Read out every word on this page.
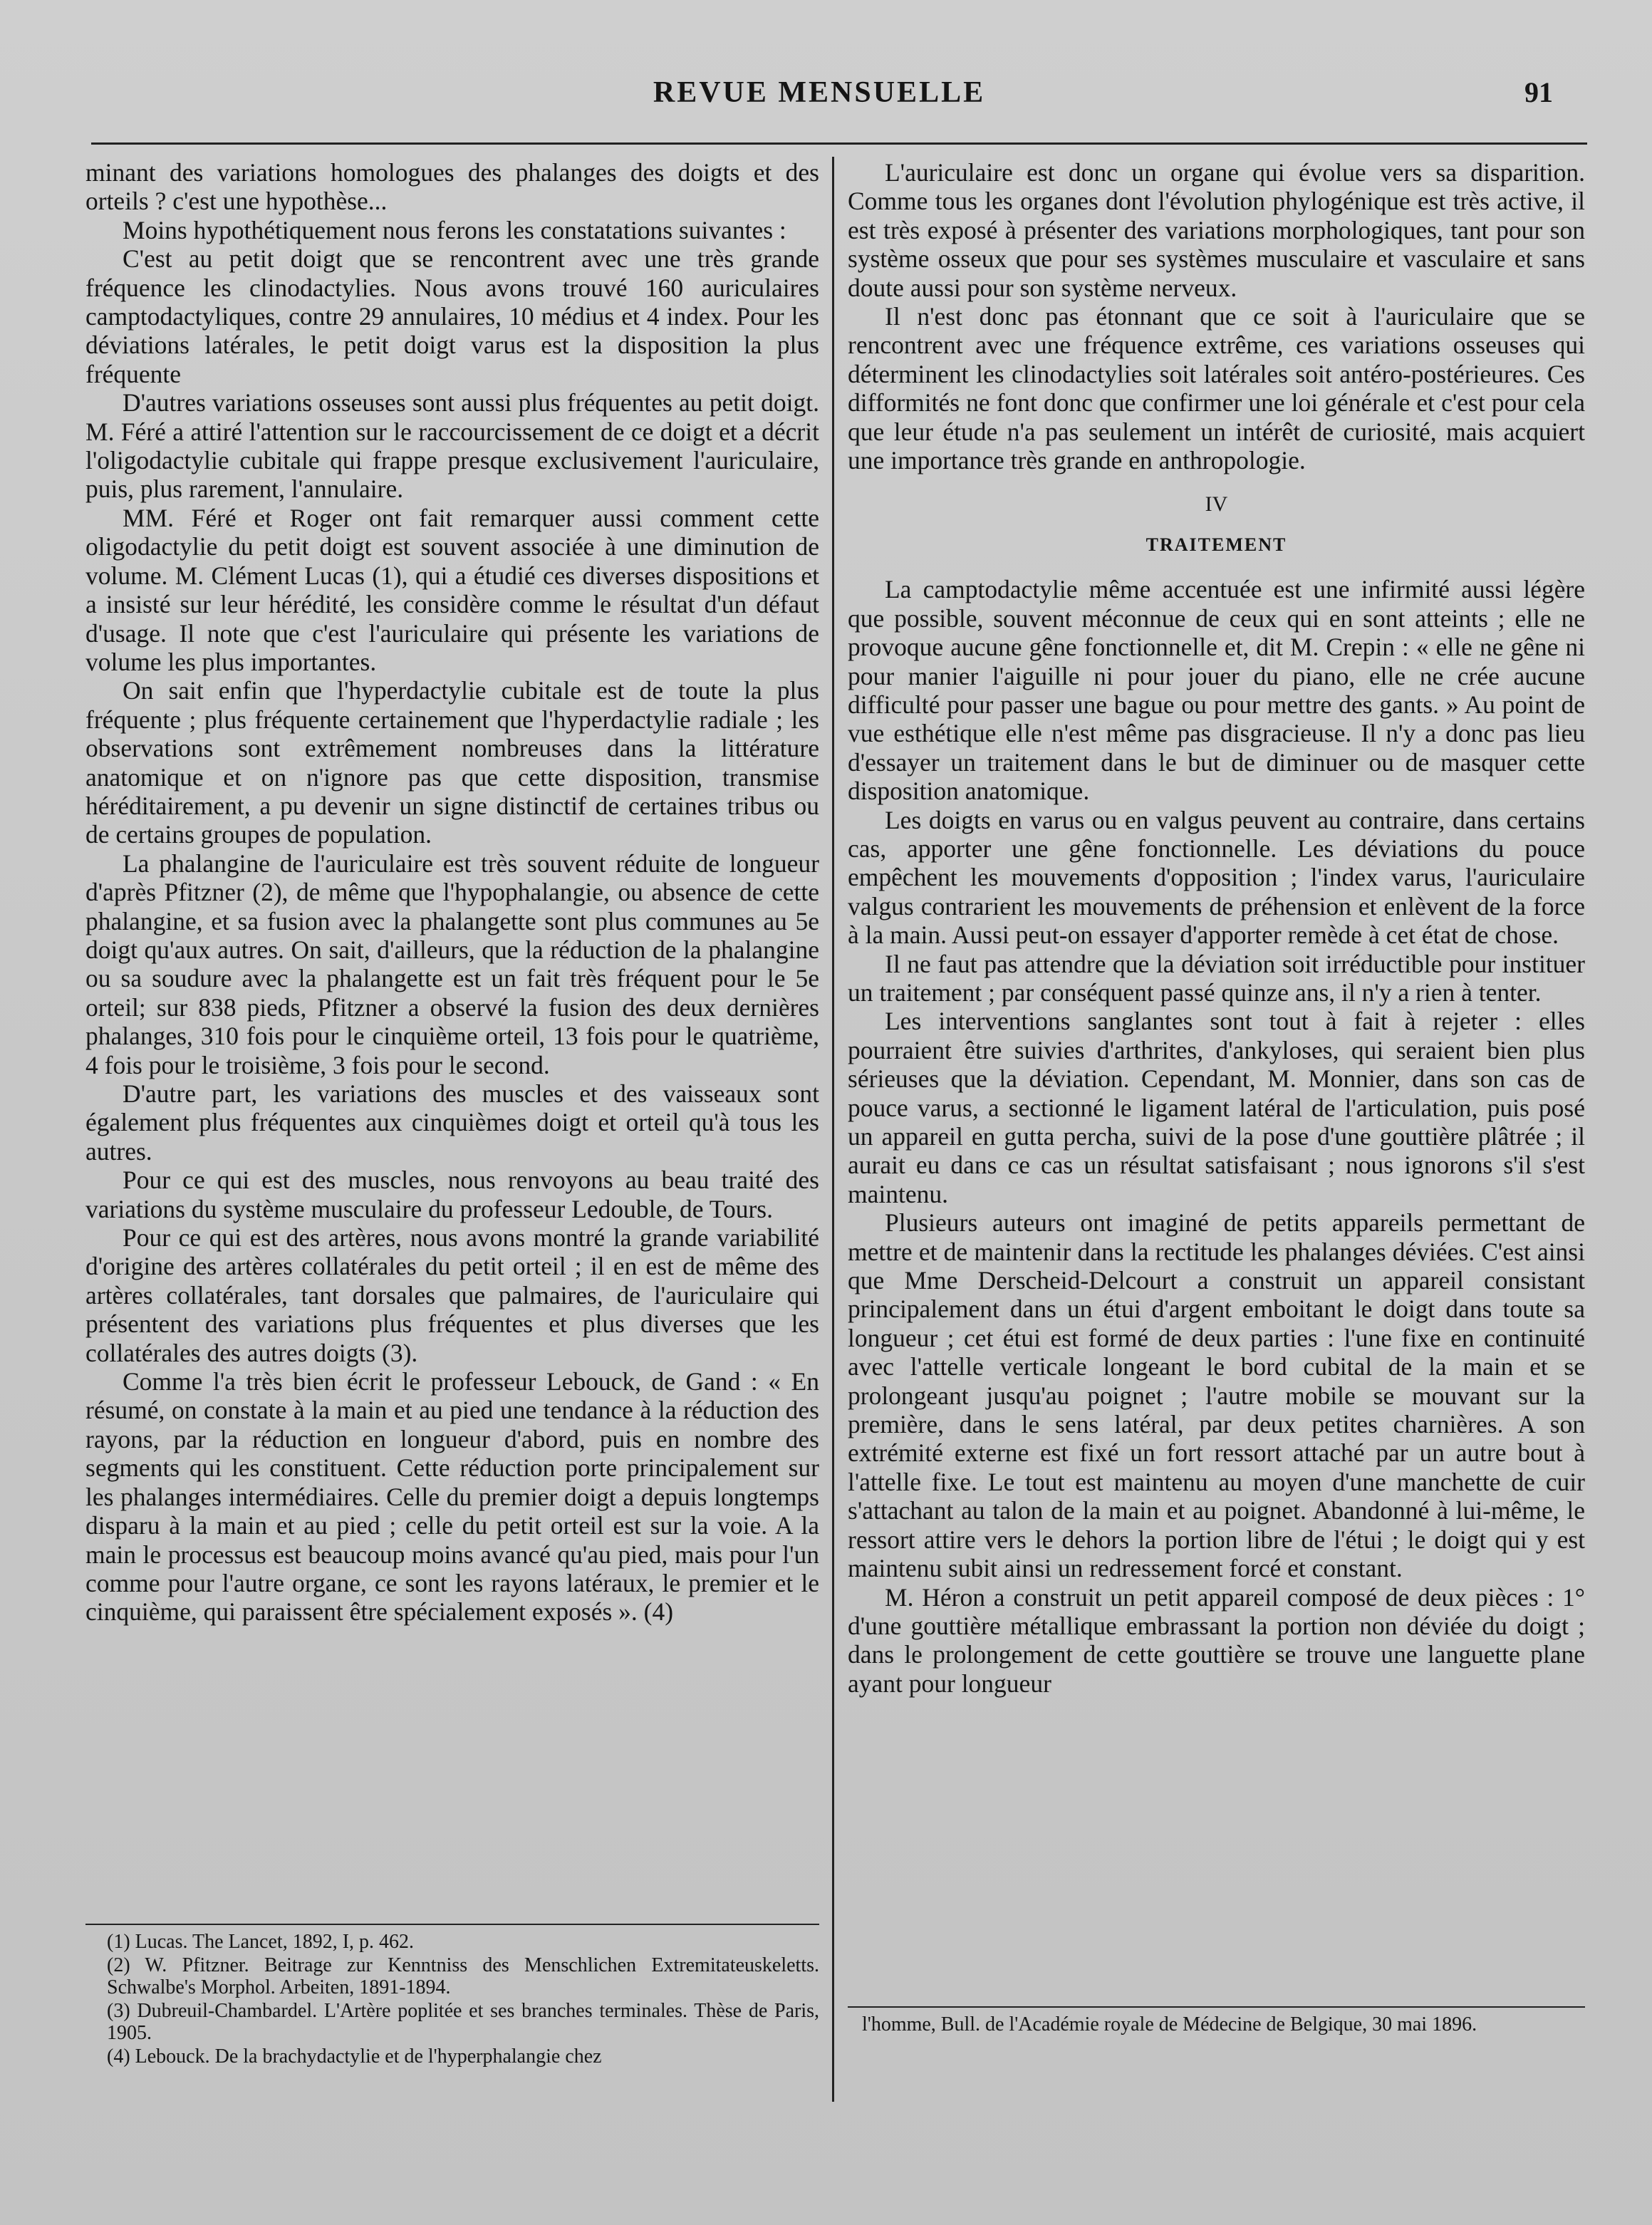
REVUE MENSUELLE	91

minant des variations homologues des phalanges des doigts et des orteils ? c'est une hypothèse...

Moins hypothétiquement nous ferons les constatations suivantes :

C'est au petit doigt que se rencontrent avec une très grande fréquence les clinodactylies. Nous avons trouvé 160 auriculaires camptodactyliques, contre 29 annulaires, 10 médius et 4 index. Pour les déviations latérales, le petit doigt varus est la disposition la plus fréquente

D'autres variations osseuses sont aussi plus fréquentes au petit doigt. M. Féré a attiré l'attention sur le raccourcissement de ce doigt et a décrit l'oligodactylie cubitale qui frappe presque exclusivement l'auriculaire, puis, plus rarement, l'annulaire.

MM. Féré et Roger ont fait remarquer aussi comment cette oligodactylie du petit doigt est souvent associée à une diminution de volume. M. Clément Lucas (1), qui a étudié ces diverses dispositions et a insisté sur leur hérédité, les considère comme le résultat d'un défaut d'usage. Il note que c'est l'auriculaire qui présente les variations de volume les plus importantes.

On sait enfin que l'hyperdactylie cubitale est de toute la plus fréquente ; plus fréquente certainement que l'hyperdactylie radiale ; les observations sont extrêmement nombreuses dans la littérature anatomique et on n'ignore pas que cette disposition, transmise héréditairement, a pu devenir un signe distinctif de certaines tribus ou de certains groupes de population.

La phalangine de l'auriculaire est très souvent réduite de longueur d'après Pfitzner (2), de même que l'hypophalangie, ou absence de cette phalangine, et sa fusion avec la phalangette sont plus communes au 5e doigt qu'aux autres. On sait, d'ailleurs, que la réduction de la phalangine ou sa soudure avec la phalangette est un fait très fréquent pour le 5e orteil; sur 838 pieds, Pfitzner a observé la fusion des deux dernières phalanges, 310 fois pour le cinquième orteil, 13 fois pour le quatrième, 4 fois pour le troisième, 3 fois pour le second.

D'autre part, les variations des muscles et des vaisseaux sont également plus fréquentes aux cinquièmes doigt et orteil qu'à tous les autres.

Pour ce qui est des muscles, nous renvoyons au beau traité des variations du système musculaire du professeur Ledouble, de Tours.

Pour ce qui est des artères, nous avons montré la grande variabilité d'origine des artères collatérales du petit orteil ; il en est de même des artères collatérales, tant dorsales que palmaires, de l'auriculaire qui présentent des variations plus fréquentes et plus diverses que les collatérales des autres doigts (3).

Comme l'a très bien écrit le professeur Lebouck, de Gand : « En résumé, on constate à la main et au pied une tendance à la réduction des rayons, par la réduction en longueur d'abord, puis en nombre des segments qui les constituent. Cette réduction porte principalement sur les phalanges intermédiaires. Celle du premier doigt a depuis longtemps disparu à la main et au pied ; celle du petit orteil est sur la voie. A la main le processus est beaucoup moins avancé qu'au pied, mais pour l'un comme pour l'autre organe, ce sont les rayons latéraux, le premier et le cinquième, qui paraissent être spécialement exposés ». (4)

L'auriculaire est donc un organe qui évolue vers sa disparition. Comme tous les organes dont l'évolution phylogénique est très active, il est très exposé à présenter des variations morphologiques, tant pour son système osseux que pour ses systèmes musculaire et vasculaire et sans doute aussi pour son système nerveux.

Il n'est donc pas étonnant que ce soit à l'auriculaire que se rencontrent avec une fréquence extrême, ces variations osseuses qui déterminent les clinodactylies soit latérales soit antéro-postérieures. Ces difformités ne font donc que confirmer une loi générale et c'est pour cela que leur étude n'a pas seulement un intérêt de curiosité, mais acquiert une importance très grande en anthropologie.

IV
TRAITEMENT

La camptodactylie même accentuée est une infirmité aussi légère que possible, souvent méconnue de ceux qui en sont atteints ; elle ne provoque aucune gêne fonctionnelle et, dit M. Crepin : « elle ne gêne ni pour manier l'aiguille ni pour jouer du piano, elle ne crée aucune difficulté pour passer une bague ou pour mettre des gants. » Au point de vue esthétique elle n'est même pas disgracieuse. Il n'y a donc pas lieu d'essayer un traitement dans le but de diminuer ou de masquer cette disposition anatomique.

Les doigts en varus ou en valgus peuvent au contraire, dans certains cas, apporter une gêne fonctionnelle. Les déviations du pouce empêchent les mouvements d'opposition ; l'index varus, l'auriculaire valgus contrarient les mouvements de préhension et enlèvent de la force à la main. Aussi peut-on essayer d'apporter remède à cet état de chose.

Il ne faut pas attendre que la déviation soit irréductible pour instituer un traitement ; par conséquent passé quinze ans, il n'y a rien à tenter.

Les interventions sanglantes sont tout à fait à rejeter : elles pourraient être suivies d'arthrites, d'ankyloses, qui seraient bien plus sérieuses que la déviation. Cependant, M. Monnier, dans son cas de pouce varus, a sectionné le ligament latéral de l'articulation, puis posé un appareil en gutta percha, suivi de la pose d'une gouttière plâtrée ; il aurait eu dans ce cas un résultat satisfaisant ; nous ignorons s'il s'est maintenu.

Plusieurs auteurs ont imaginé de petits appareils permettant de mettre et de maintenir dans la rectitude les phalanges déviées. C'est ainsi que Mme Derscheid-Delcourt a construit un appareil consistant principalement dans un étui d'argent emboitant le doigt dans toute sa longueur ; cet étui est formé de deux parties : l'une fixe en continuité avec l'attelle verticale longeant le bord cubital de la main et se prolongeant jusqu'au poignet ; l'autre mobile se mouvant sur la première, dans le sens latéral, par deux petites charnières. A son extrémité externe est fixé un fort ressort attaché par un autre bout à l'attelle fixe. Le tout est maintenu au moyen d'une manchette de cuir s'attachant au talon de la main et au poignet. Abandonné à lui-même, le ressort attire vers le dehors la portion libre de l'étui ; le doigt qui y est maintenu subit ainsi un redressement forcé et constant.

M. Héron a construit un petit appareil composé de deux pièces : 1° d'une gouttière métallique embrassant la portion non déviée du doigt ; dans le prolongement de cette gouttière se trouve une languette plane ayant pour longueur

(1) Lucas. The Lancet, 1892, I, p. 462.

(2) W. Pfitzner. Beitrage zur Kenntniss des Menschlichen Extremitateuskeletts. Schwalbe's Morphol. Arbeiten, 1891-1894.

(3) Dubreuil-Chambardel. L'Artère poplitée et ses branches terminales. Thèse de Paris, 1905.

(4) Lebouck. De la brachydactylie et de l'hyperphalangie chez

l'homme, Bull. de l'Académie royale de Médecine de Belgique, 30 mai 1896.
